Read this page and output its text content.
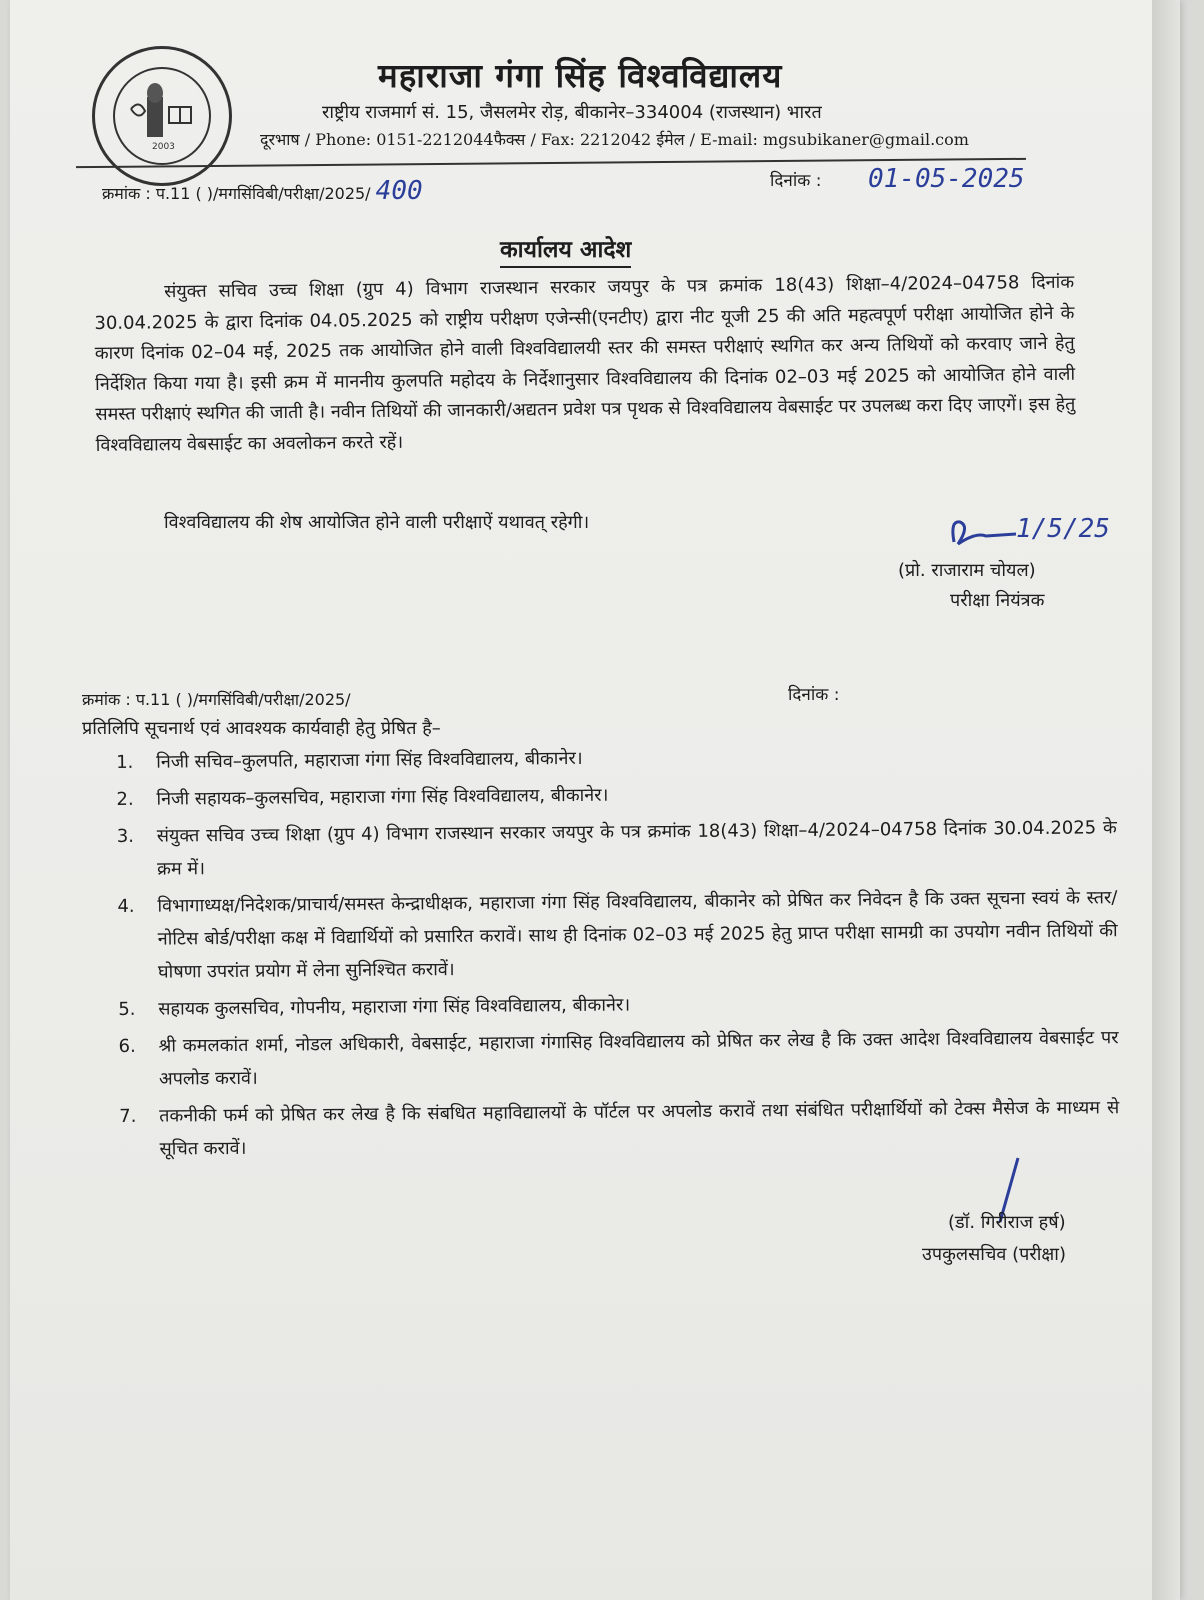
2003
महाराजा गंगा सिंह विश्वविद्यालय
राष्ट्रीय राजमार्ग सं. 15, जैसलमेर रोड़, बीकानेर–334004 (राजस्थान) भारत
दूरभाष / Phone: 0151-2212044फैक्स / Fax: 2212042 ईमेल / E-mail: mgsubikaner@gmail.com
क्रमांक : प.11 ( )/मगसिंविबी/परीक्षा/2025/ 400	दिनांक : 01-05-2025
कार्यालय आदेश
संयुक्त सचिव उच्च शिक्षा (ग्रुप 4) विभाग राजस्थान सरकार जयपुर के पत्र क्रमांक 18(43) शिक्षा–4/2024–04758 दिनांक 30.04.2025 के द्वारा दिनांक 04.05.2025 को राष्ट्रीय परीक्षण एजेन्सी(एनटीए) द्वारा नीट यूजी 25 की अति महत्वपूर्ण परीक्षा आयोजित होने के कारण दिनांक 02–04 मई, 2025 तक आयोजित होने वाली विश्वविद्यालयी स्तर की समस्त परीक्षाएं स्थगित कर अन्य तिथियों को करवाए जाने हेतु निर्देशित किया गया है। इसी क्रम में माननीय कुलपति महोदय के निर्देशानुसार विश्वविद्यालय की दिनांक 02–03 मई 2025 को आयोजित होने वाली समस्त परीक्षाएं स्थगित की जाती है। नवीन तिथियों की जानकारी/अद्यतन प्रवेश पत्र पृथक से विश्वविद्यालय वेबसाईट पर उपलब्ध करा दिए जाएगें। इस हेतु विश्वविद्यालय वेबसाईट का अवलोकन करते रहें।
विश्वविद्यालय की शेष आयोजित होने वाली परीक्षाऐं यथावत् रहेगी।	1/5/25
(प्रो. राजाराम चोयल)
परीक्षा नियंत्रक
क्रमांक : प.11 ( )/मगसिंविबी/परीक्षा/2025/	दिनांक :
प्रतिलिपि सूचनार्थ एवं आवश्यक कार्यवाही हेतु प्रेषित है–
1.	निजी सचिव–कुलपति, महाराजा गंगा सिंह विश्वविद्यालय, बीकानेर।
2.	निजी सहायक–कुलसचिव, महाराजा गंगा सिंह विश्वविद्यालय, बीकानेर।
3.	संयुक्त सचिव उच्च शिक्षा (ग्रुप 4) विभाग राजस्थान सरकार जयपुर के पत्र क्रमांक 18(43) शिक्षा–4/2024–04758 दिनांक 30.04.2025 के क्रम में।
4.	विभागाध्यक्ष/निदेशक/प्राचार्य/समस्त केन्द्राधीक्षक, महाराजा गंगा सिंह विश्वविद्यालय, बीकानेर को प्रेषित कर निवेदन है कि उक्त सूचना स्वयं के स्तर/नोटिस बोर्ड/परीक्षा कक्ष में विद्यार्थियों को प्रसारित करावें। साथ ही दिनांक 02–03 मई 2025 हेतु प्राप्त परीक्षा सामग्री का उपयोग नवीन तिथियों की घोषणा उपरांत प्रयोग में लेना सुनिश्चित करावें।
5.	सहायक कुलसचिव, गोपनीय, महाराजा गंगा सिंह विश्वविद्यालय, बीकानेर।
6.	श्री कमलकांत शर्मा, नोडल अधिकारी, वेबसाईट, महाराजा गंगासिह विश्वविद्यालय को प्रेषित कर लेख है कि उक्त आदेश विश्वविद्यालय वेबसाईट पर अपलोड करावें।
7.	तकनीकी फर्म को प्रेषित कर लेख है कि संबधित महाविद्यालयों के पॉर्टल पर अपलोड करावें तथा संबंधित परीक्षार्थियों को टेक्स मैसेज के माध्यम से सूचित करावें।
(डॉ. गिरीराज हर्ष)
उपकुलसचिव (परीक्षा)
